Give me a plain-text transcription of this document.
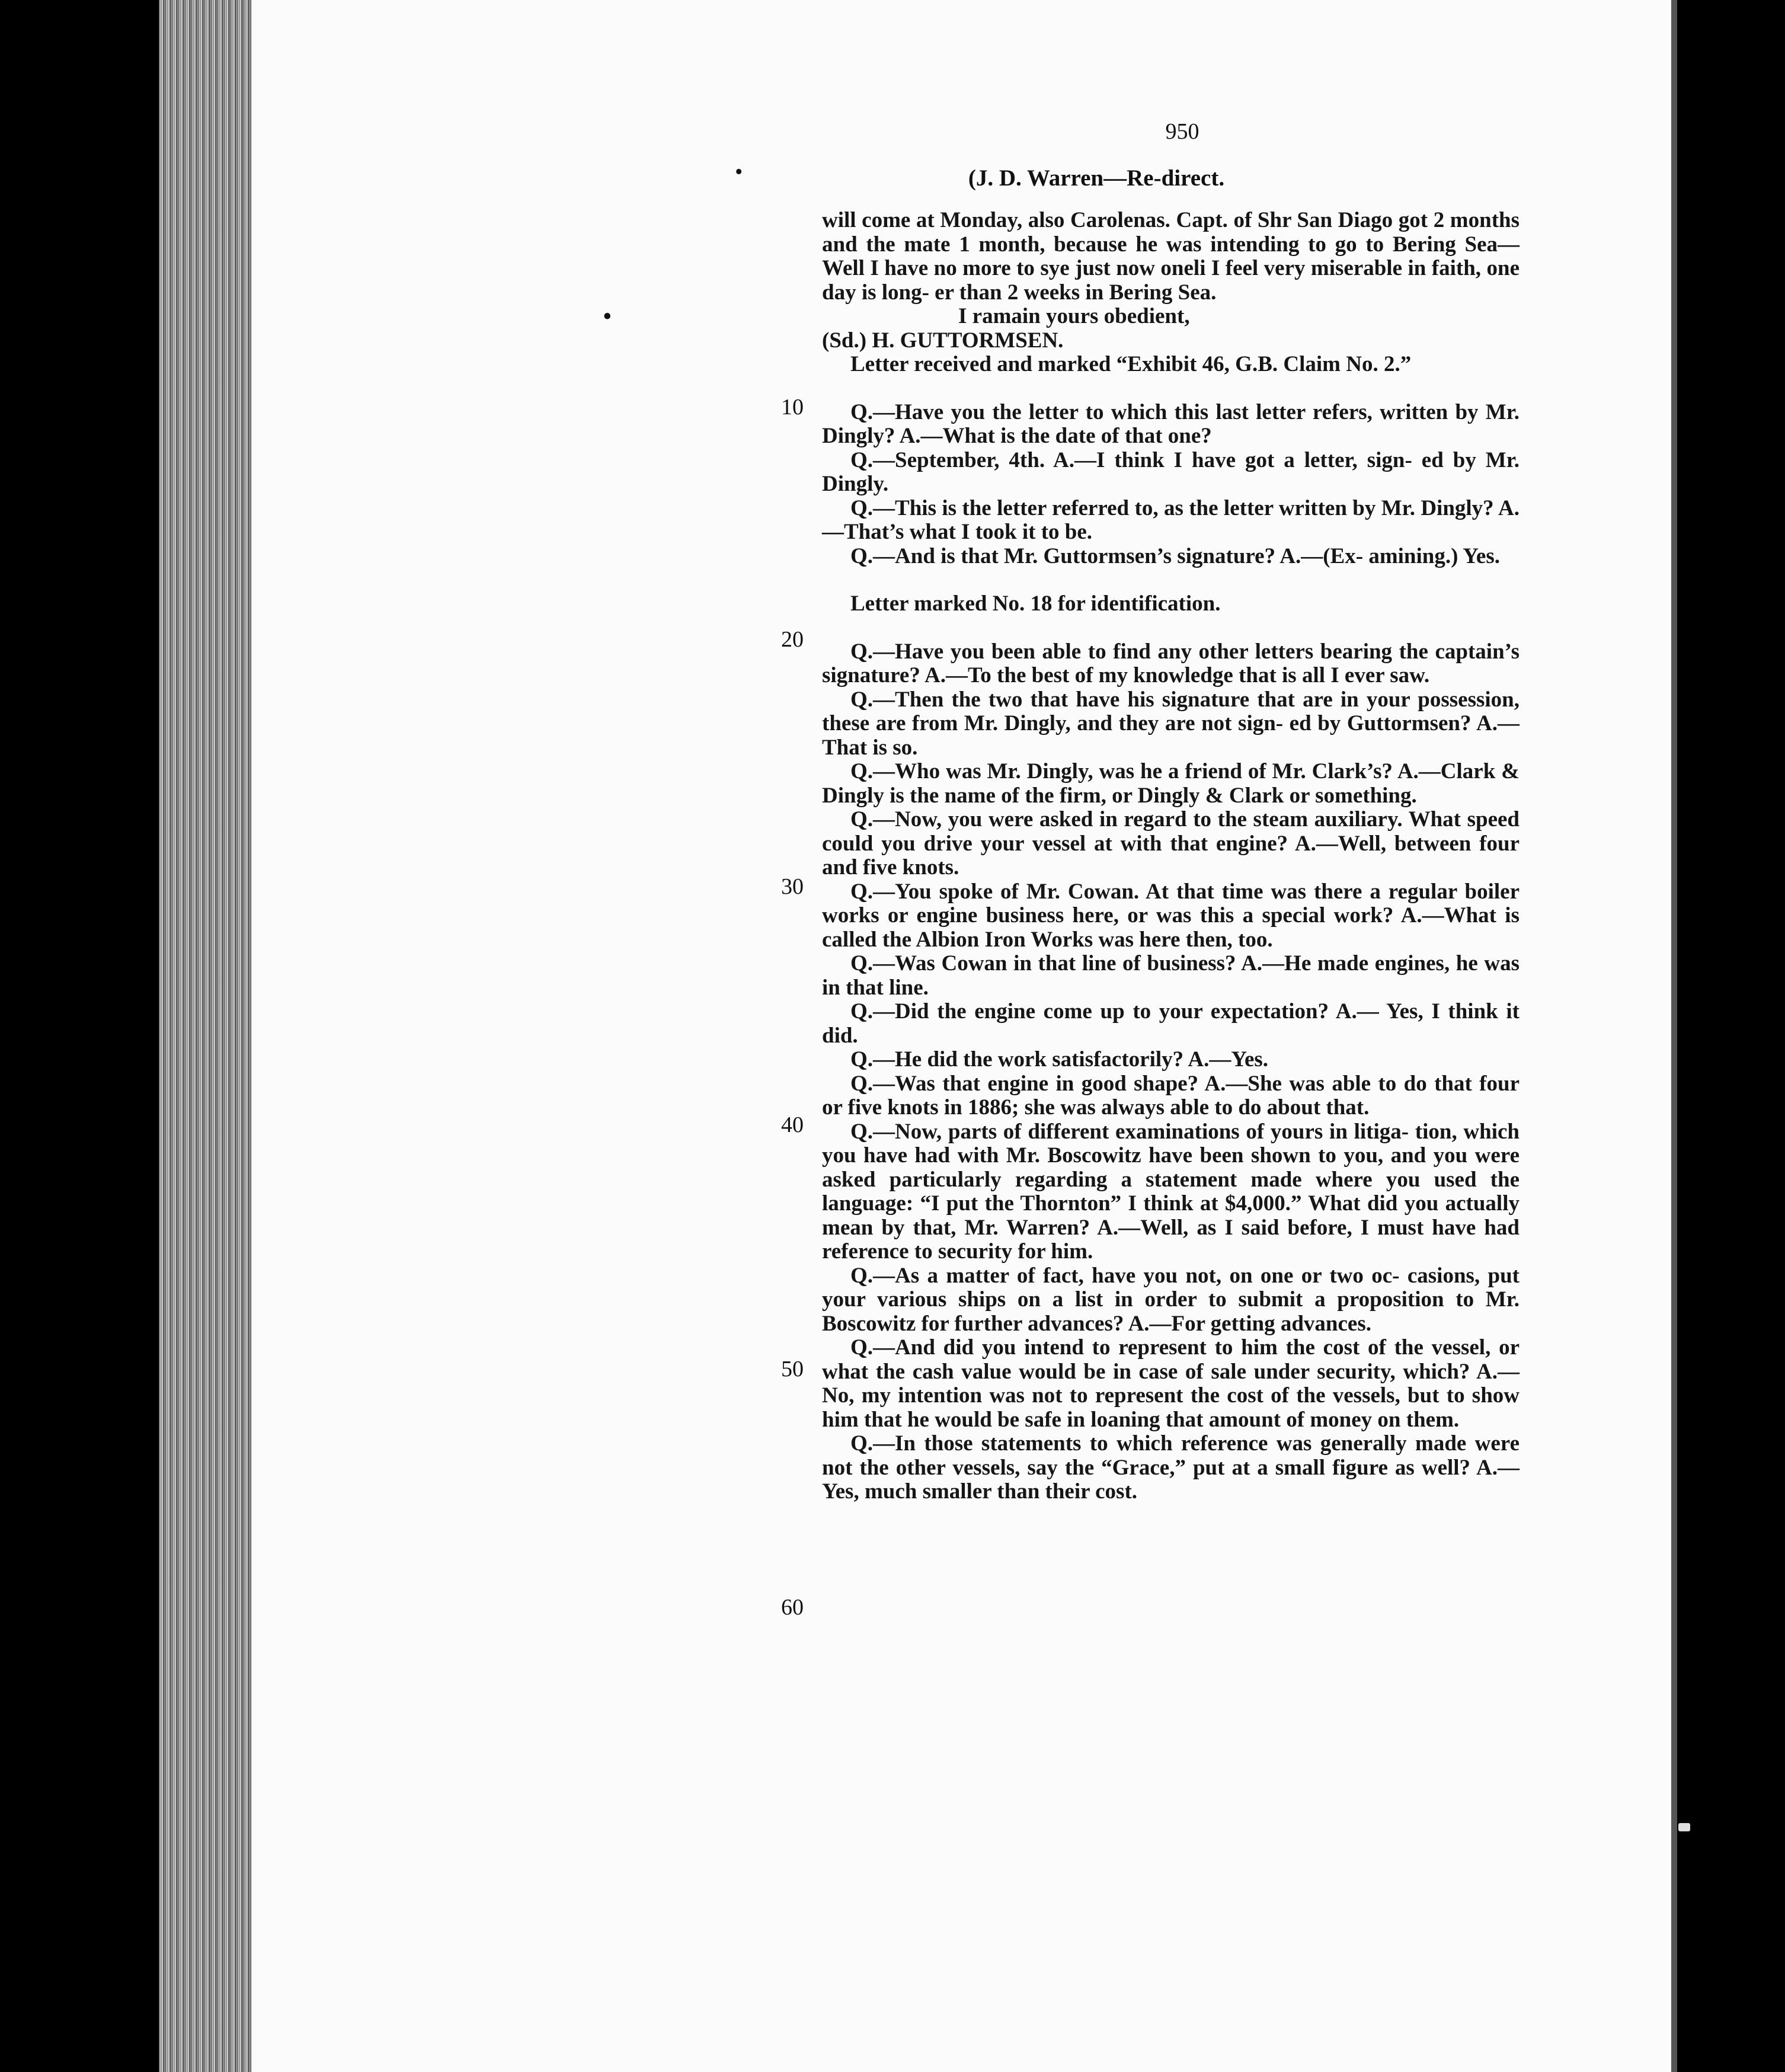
950
•
•
(J. D. Warren—Re-direct.
10
20
30
40
50
60

will come at Monday, also Carolenas. Capt. of Shr San Diago got 2 months and the mate 1 month, because he was intending to go to Bering Sea—Well I have no more to sye just now oneli I feel very miserable in faith, one day is long- er than 2 weeks in Bering Sea.

I ramain yours obedient,

(Sd.) H. GUTTORMSEN.

Letter received and marked “Exhibit 46, G.B. Claim No. 2.”

Q.—Have you the letter to which this last letter refers, written by Mr. Dingly? A.—What is the date of that one?

Q.—September, 4th. A.—I think I have got a letter, sign- ed by Mr. Dingly.

Q.—This is the letter referred to, as the letter written by Mr. Dingly? A.—That’s what I took it to be.

Q.—And is that Mr. Guttormsen’s signature? A.—(Ex- amining.) Yes.

Letter marked No. 18 for identification.

Q.—Have you been able to find any other letters bearing the captain’s signature? A.—To the best of my knowledge that is all I ever saw.

Q.—Then the two that have his signature that are in your possession, these are from Mr. Dingly, and they are not sign- ed by Guttormsen? A.—That is so.

Q.—Who was Mr. Dingly, was he a friend of Mr. Clark’s? A.—Clark & Dingly is the name of the firm, or Dingly & Clark or something.

Q.—Now, you were asked in regard to the steam auxiliary. What speed could you drive your vessel at with that engine? A.—Well, between four and five knots.

Q.—You spoke of Mr. Cowan. At that time was there a regular boiler works or engine business here, or was this a special work? A.—What is called the Albion Iron Works was here then, too.

Q.—Was Cowan in that line of business? A.—He made engines, he was in that line.

Q.—Did the engine come up to your expectation? A.— Yes, I think it did.

Q.—He did the work satisfactorily? A.—Yes.

Q.—Was that engine in good shape? A.—She was able to do that four or five knots in 1886; she was always able to do about that.

Q.—Now, parts of different examinations of yours in litiga- tion, which you have had with Mr. Boscowitz have been shown to you, and you were asked particularly regarding a statement made where you used the language: “I put the Thornton” I think at $4,000.” What did you actually mean by that, Mr. Warren? A.—Well, as I said before, I must have had reference to security for him.

Q.—As a matter of fact, have you not, on one or two oc- casions, put your various ships on a list in order to submit a proposition to Mr. Boscowitz for further advances? A.—For getting advances.

Q.—And did you intend to represent to him the cost of the vessel, or what the cash value would be in case of sale under security, which? A.—No, my intention was not to represent the cost of the vessels, but to show him that he would be safe in loaning that amount of money on them.

Q.—In those statements to which reference was generally made were not the other vessels, say the “Grace,” put at a small figure as well? A.—Yes, much smaller than their cost.
